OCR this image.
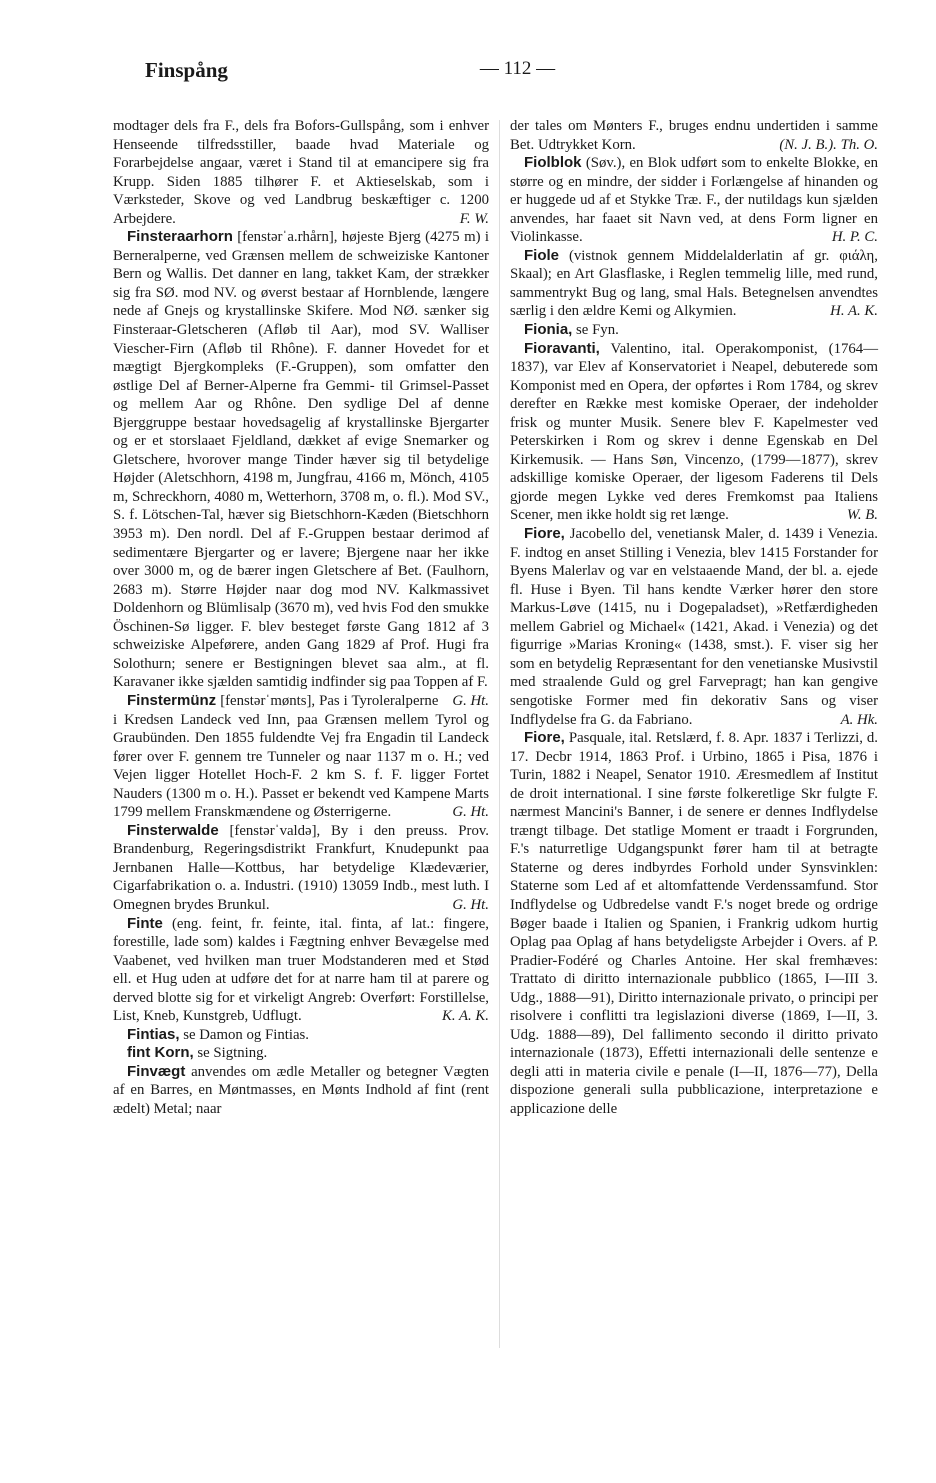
Finspång	— 112 —

modtager dels fra F., dels fra Bofors-Gullspång, som i enhver Henseende tilfredsstiller, baade hvad Materiale og Forarbejdelse angaar, været i Stand til at emancipere sig fra Krupp. Siden 1885 tilhører F. et Aktieselskab, som i Værksteder, Skove og ved Landbrug beskæftiger c. 1200 Arbejdere.	F. W.

Finsteraarhorn [fenstərˈa.rhårn], højeste Bjerg (4275 m) i Berneralperne, ved Grænsen mellem de schweiziske Kantoner Bern og Wallis. Det danner en lang, takket Kam, der strækker sig fra SØ. mod NV. og øverst bestaar af Hornblende, længere nede af Gnejs og krystallinske Skifere. Mod NØ. sænker sig Finsteraar-Gletscheren (Afløb til Aar), mod SV. Walliser Viescher-Firn (Afløb til Rhône). F. danner Hovedet for et mægtigt Bjergkompleks (F.-Gruppen), som omfatter den østlige Del af Berner-Alperne fra Gemmi- til Grimsel-Passet og mellem Aar og Rhône. Den sydlige Del af denne Bjerggruppe bestaar hovedsagelig af krystallinske Bjergarter og er et storslaaet Fjeldland, dækket af evige Snemarker og Gletschere, hvorover mange Tinder hæver sig til betydelige Højder (Aletschhorn, 4198 m, Jungfrau, 4166 m, Mönch, 4105 m, Schreckhorn, 4080 m, Wetterhorn, 3708 m, o. fl.). Mod SV., S. f. Lötschen-Tal, hæver sig Bietschhorn-Kæden (Bietschhorn 3953 m). Den nordl. Del af F.-Gruppen bestaar derimod af sedimentære Bjergarter og er lavere; Bjergene naar her ikke over 3000 m, og de bærer ingen Gletschere af Bet. (Faulhorn, 2683 m). Større Højder naar dog mod NV. Kalkmassivet Doldenhorn og Blümlisalp (3670 m), ved hvis Fod den smukke Öschinen-Sø ligger. F. blev besteget første Gang 1812 af 3 schweiziske Alpeførere, anden Gang 1829 af Prof. Hugi fra Solothurn; senere er Bestigningen blevet saa alm., at fl. Karavaner ikke sjælden samtidig indfinder sig paa Toppen af F.
G. Ht.

Finstermünz [fenstərˈmønts], Pas i Tyroleralperne i Kredsen Landeck ved Inn, paa Grænsen mellem Tyrol og Graubünden. Den 1855 fuldendte Vej fra Engadin til Landeck fører over F. gennem tre Tunneler og naar 1137 m o. H.; ved Vejen ligger Hotellet Hoch-F. 2 km S. f. F. ligger Fortet Nauders (1300 m o. H.). Passet er bekendt ved Kampene Marts 1799 mellem Franskmændene og Østerrigerne.	G. Ht.

Finsterwalde [fenstərˈvaldə], By i den preuss. Prov. Brandenburg, Regeringsdistrikt Frankfurt, Knudepunkt paa Jernbanen Halle—Kottbus, har betydelige Klædeværier, Cigarfabrikation o. a. Industri. (1910) 13059 Indb., mest luth. I Omegnen brydes Brunkul.	G. Ht.

Finte (eng. feint, fr. feinte, ital. finta, af lat.: fingere, forestille, lade som) kaldes i Fægtning enhver Bevægelse med Vaabenet, ved hvilken man truer Modstanderen med et Stød ell. et Hug uden at udføre det for at narre ham til at parere og derved blotte sig for et virkeligt Angreb: Overført: Forstillelse, List, Kneb, Kunstgreb, Udflugt.	K. A. K.

Fintias, se Damon og Fintias.

fint Korn, se Sigtning.

Finvægt anvendes om ædle Metaller og betegner Vægten af en Barres, en Møntmasses, en Mønts Indhold af fint (rent ædelt) Metal; naar

der tales om Mønters F., bruges endnu undertiden i samme Bet. Udtrykket Korn.	(N. J. B.). Th. O.

Fiolblok (Søv.), en Blok udført som to enkelte Blokke, en større og en mindre, der sidder i Forlængelse af hinanden og er huggede ud af et Stykke Træ. F., der nutildags kun sjælden anvendes, har faaet sit Navn ved, at dens Form ligner en Violinkasse.	H. P. C.

Fiole (vistnok gennem Middelalderlatin af gr. φιάλη, Skaal); en Art Glasflaske, i Reglen temmelig lille, med rund, sammentrykt Bug og lang, smal Hals. Betegnelsen anvendtes særlig i den ældre Kemi og Alkymien.	H. A. K.

Fionia, se Fyn.

Fioravanti, Valentino, ital. Operakomponist, (1764—1837), var Elev af Konservatoriet i Neapel, debuterede som Komponist med en Opera, der opførtes i Rom 1784, og skrev derefter en Række mest komiske Operaer, der indeholder frisk og munter Musik. Senere blev F. Kapelmester ved Peterskirken i Rom og skrev i denne Egenskab en Del Kirkemusik. — Hans Søn, Vincenzo, (1799—1877), skrev adskillige komiske Operaer, der ligesom Faderens til Dels gjorde megen Lykke ved deres Fremkomst paa Italiens Scener, men ikke holdt sig ret længe.	W. B.

Fiore, Jacobello del, venetiansk Maler, d. 1439 i Venezia. F. indtog en anset Stilling i Venezia, blev 1415 Forstander for Byens Malerlav og var en velstaaende Mand, der bl. a. ejede fl. Huse i Byen. Til hans kendte Værker hører den store Markus-Løve (1415, nu i Dogepaladset), »Retfærdigheden mellem Gabriel og Michael« (1421, Akad. i Venezia) og det figurrige »Marias Kroning« (1438, smst.). F. viser sig her som en betydelig Repræsentant for den venetianske Musivstil med straalende Guld og grel Farvepragt; han kan gengive sengotiske Former med fin dekorativ Sans og viser Indflydelse fra G. da Fabriano.	A. Hk.

Fiore, Pasquale, ital. Retslærd, f. 8. Apr. 1837 i Terlizzi, d. 17. Decbr 1914, 1863 Prof. i Urbino, 1865 i Pisa, 1876 i Turin, 1882 i Neapel, Senator 1910. Æresmedlem af Institut de droit international. I sine første folkeretlige Skr fulgte F. nærmest Mancini's Banner, i de senere er dennes Indflydelse trængt tilbage. Det statlige Moment er traadt i Forgrunden, F.'s naturretlige Udgangspunkt fører ham til at betragte Staterne og deres indbyrdes Forhold under Synsvinklen: Staterne som Led af et altomfattende Verdenssamfund. Stor Indflydelse og Udbredelse vandt F.'s noget brede og ordrige Bøger baade i Italien og Spanien, i Frankrig udkom hurtig Oplag paa Oplag af hans betydeligste Arbejder i Overs. af P. Pradier-Fodéré og Charles Antoine. Her skal fremhæves: Trattato di diritto internazionale pubblico (1865, I—III 3. Udg., 1888—91), Diritto internazionale privato, o principi per risolvere i conflitti tra legislazioni diverse (1869, I—II, 3. Udg. 1888—89), Del fallimento secondo il diritto privato internazionale (1873), Effetti internazionali delle sentenze e degli atti in materia civile e penale (I—II, 1876—77), Della dispozione generali sulla pubblicazione, interpretazione e applicazione delle
